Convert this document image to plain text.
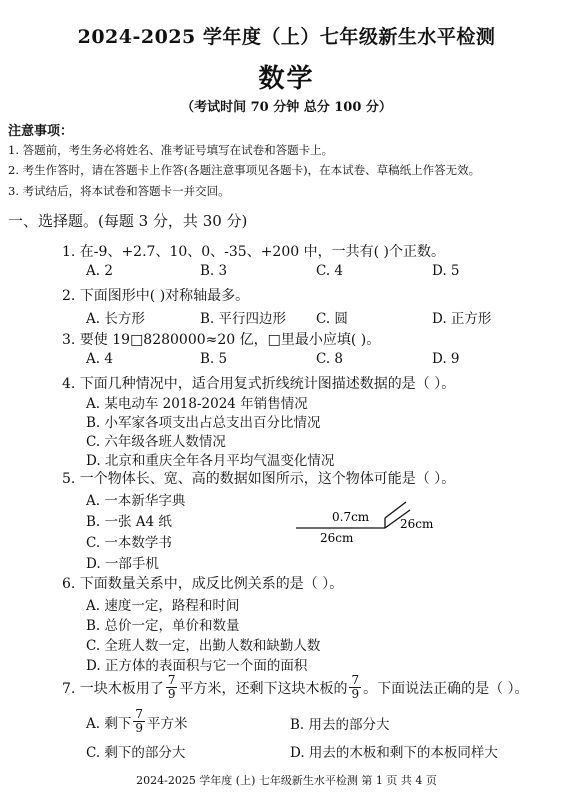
2024-2025 学年度（上）七年级新生水平检测
数学
（考试时间 70 分钟 总分 100 分）
注意事项：
1. 答题前，考生务必将姓名、准考证号填写在试卷和答题卡上。
2. 考生作答时，请在答题卡上作答(各题注意事项见各题卡)，在本试卷、草稿纸上作答无效。
3. 考试结后，将本试卷和答题卡一并交回。
一、选择题。(每题 3 分，共 30 分)
1. 在-9、+2.7、10、0、-35、+200 中，一共有( )个正数。
A. 2	B. 3	C. 4	D. 5
2. 下面图形中( )对称轴最多。
A. 长方形	B. 平行四边形 C. 圆	D. 正方形
3. 要使 19□8280000≈20 亿，□里最小应填( )。
A. 4	B. 5	C. 8	D. 9
4. 下面几种情况中，适合用复式折线统计图描述数据的是（ ）。
A. 某电动车 2018-2024 年销售情况
B. 小军家各项支出占总支出百分比情况
C. 六年级各班人数情况
D. 北京和重庆全年各月平均气温变化情况
5. 一个物体长、宽、高的数据如图所示，这个物体可能是（ ）。
A. 一本新华字典
B. 一张 A4 纸
C. 一本数学书
D. 一部手机
0.7cm	26cm
26cm
6. 下面数量关系中，成反比例关系的是（ ）。
A. 速度一定，路程和时间
B. 总价一定，单价和数量
C. 全班人数一定，出勤人数和缺勤人数
D. 正方体的表面积与它一个面的面积
7. 一块木板用了 $\frac{7}{9}$ 平方米，还剩下这块木板的 $\frac{7}{9}$ 。下面说法正确的是（ ）。
A. 剩下 $\frac{7}{9}$ 平方米	B. 用去的部分大
C. 剩下的部分大	D. 用去的木板和剩下的本板同样大
2024-2025 学年度 (上) 七年级新生水平检测 第 1 页 共 4 页
